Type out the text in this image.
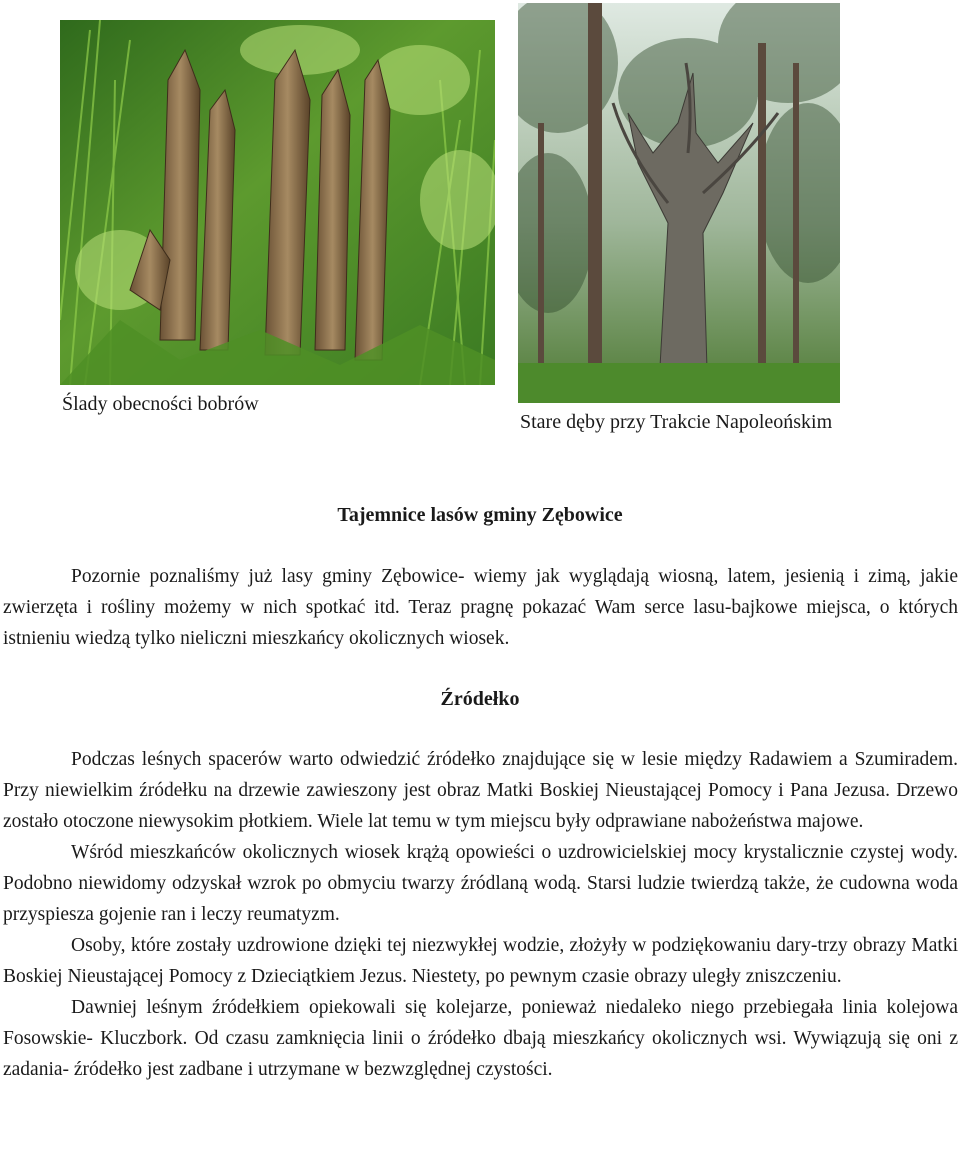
Ślady obecności bobrów
Stare dęby przy Trakcie Napoleońskim
Tajemnice lasów gminy Zębowice
Pozornie poznaliśmy już lasy gminy Zębowice- wiemy jak wyglądają wiosną, latem, jesienią i zimą, jakie zwierzęta i rośliny możemy w nich spotkać itd. Teraz pragnę pokazać Wam serce lasu-bajkowe miejsca, o których istnieniu wiedzą tylko nieliczni mieszkańcy okolicznych wiosek.
Źródełko

Podczas leśnych spacerów warto odwiedzić źródełko znajdujące się w lesie między Radawiem a Szumiradem. Przy niewielkim źródełku na drzewie zawieszony jest obraz Matki Boskiej Nieustającej Pomocy i Pana Jezusa. Drzewo zostało otoczone niewysokim płotkiem. Wiele lat temu w tym miejscu były odprawiane nabożeństwa majowe.

Wśród mieszkańców okolicznych wiosek krążą opowieści o uzdrowicielskiej mocy krystalicznie czystej wody. Podobno niewidomy odzyskał wzrok po obmyciu twarzy źródlaną wodą. Starsi ludzie twierdzą także, że cudowna woda przyspiesza gojenie ran i leczy reumatyzm.

Osoby, które zostały uzdrowione dzięki tej niezwykłej wodzie, złożyły w podziękowaniu dary-trzy obrazy Matki Boskiej Nieustającej Pomocy z Dzieciątkiem Jezus. Niestety, po pewnym czasie obrazy uległy zniszczeniu.

Dawniej leśnym źródełkiem opiekowali się kolejarze, ponieważ niedaleko niego przebiegała linia kolejowa Fosowskie- Kluczbork. Od czasu zamknięcia linii o źródełko dbają mieszkańcy okolicznych wsi. Wywiązują się oni z zadania- źródełko jest zadbane i utrzymane w bezwzględnej czystości.
